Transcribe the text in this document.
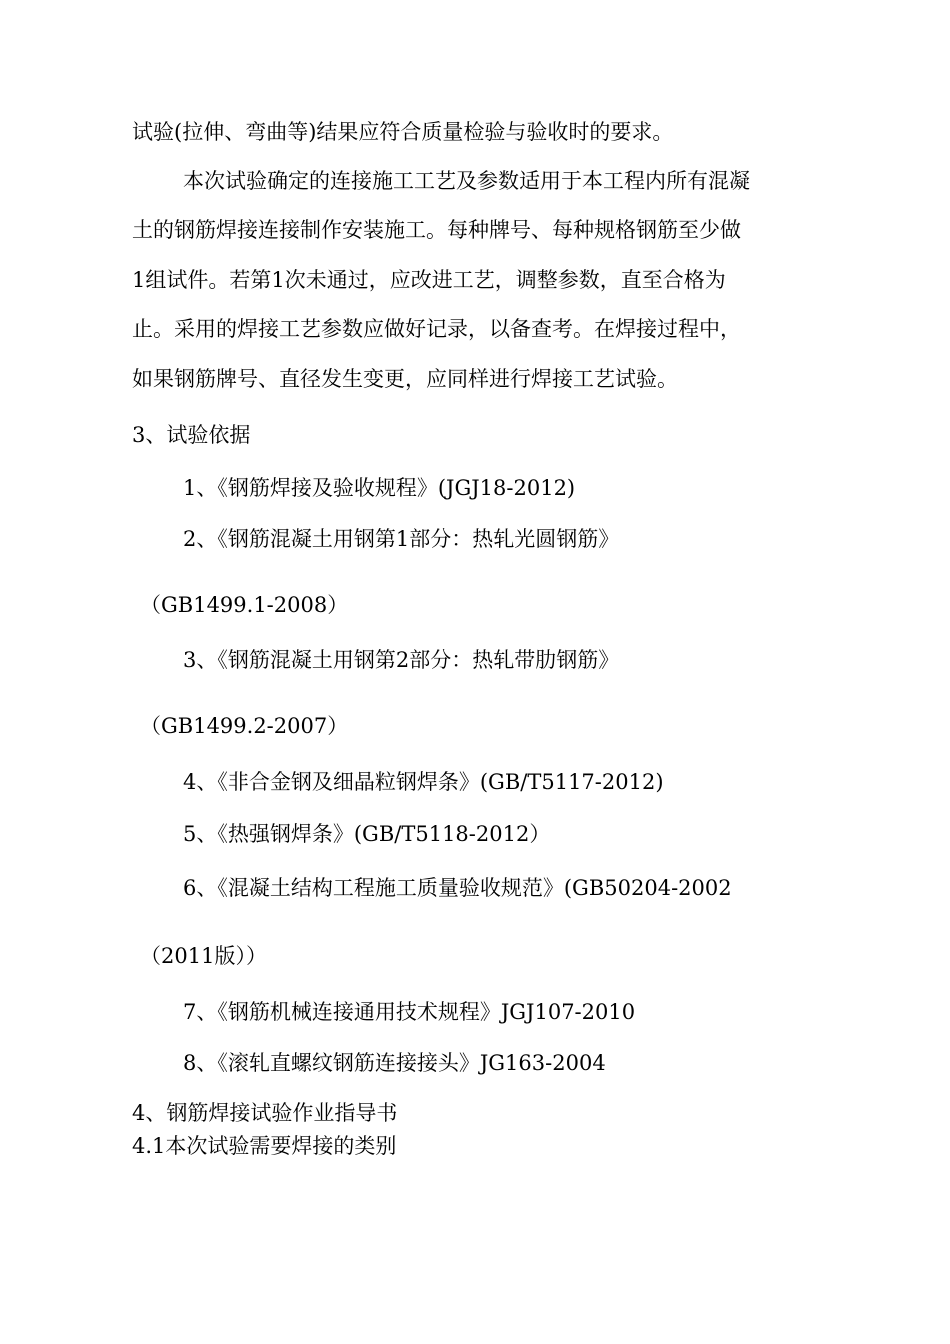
试验(拉伸、弯曲等)结果应符合质量检验与验收时的要求。
本次试验确定的连接施工工艺及参数适用于本工程内所有混凝
土的钢筋焊接连接制作安装施工。每种牌号、每种规格钢筋至少做
1组试件。若第1次未通过，应改进工艺，调整参数，直至合格为
止。采用的焊接工艺参数应做好记录，以备查考。在焊接过程中，
如果钢筋牌号、直径发生变更，应同样进行焊接工艺试验。
3、试验依据
1、《钢筋焊接及验收规程》(JGJ18-2012)
2、《钢筋混凝土用钢第1部分：热轧光圆钢筋》
（GB1499.1-2008）
3、《钢筋混凝土用钢第2部分：热轧带肋钢筋》
（GB1499.2-2007）
4、《非合金钢及细晶粒钢焊条》(GB/T5117-2012)
5、《热强钢焊条》(GB/T5118-2012）
6、《混凝土结构工程施工质量验收规范》(GB50204-2002
（2011版））
7、《钢筋机械连接通用技术规程》JGJ107-2010
8、《滚轧直螺纹钢筋连接接头》JG163-2004
4、钢筋焊接试验作业指导书
4.1本次试验需要焊接的类别
